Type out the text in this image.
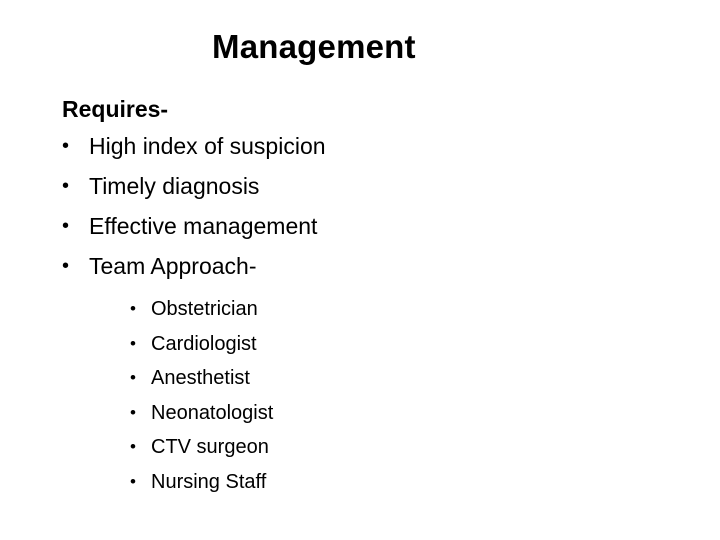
Management
Requires-
• High index of suspicion
• Timely diagnosis
• Effective management
• Team Approach-
• Obstetrician
• Cardiologist
• Anesthetist
• Neonatologist
• CTV surgeon
• Nursing Staff
